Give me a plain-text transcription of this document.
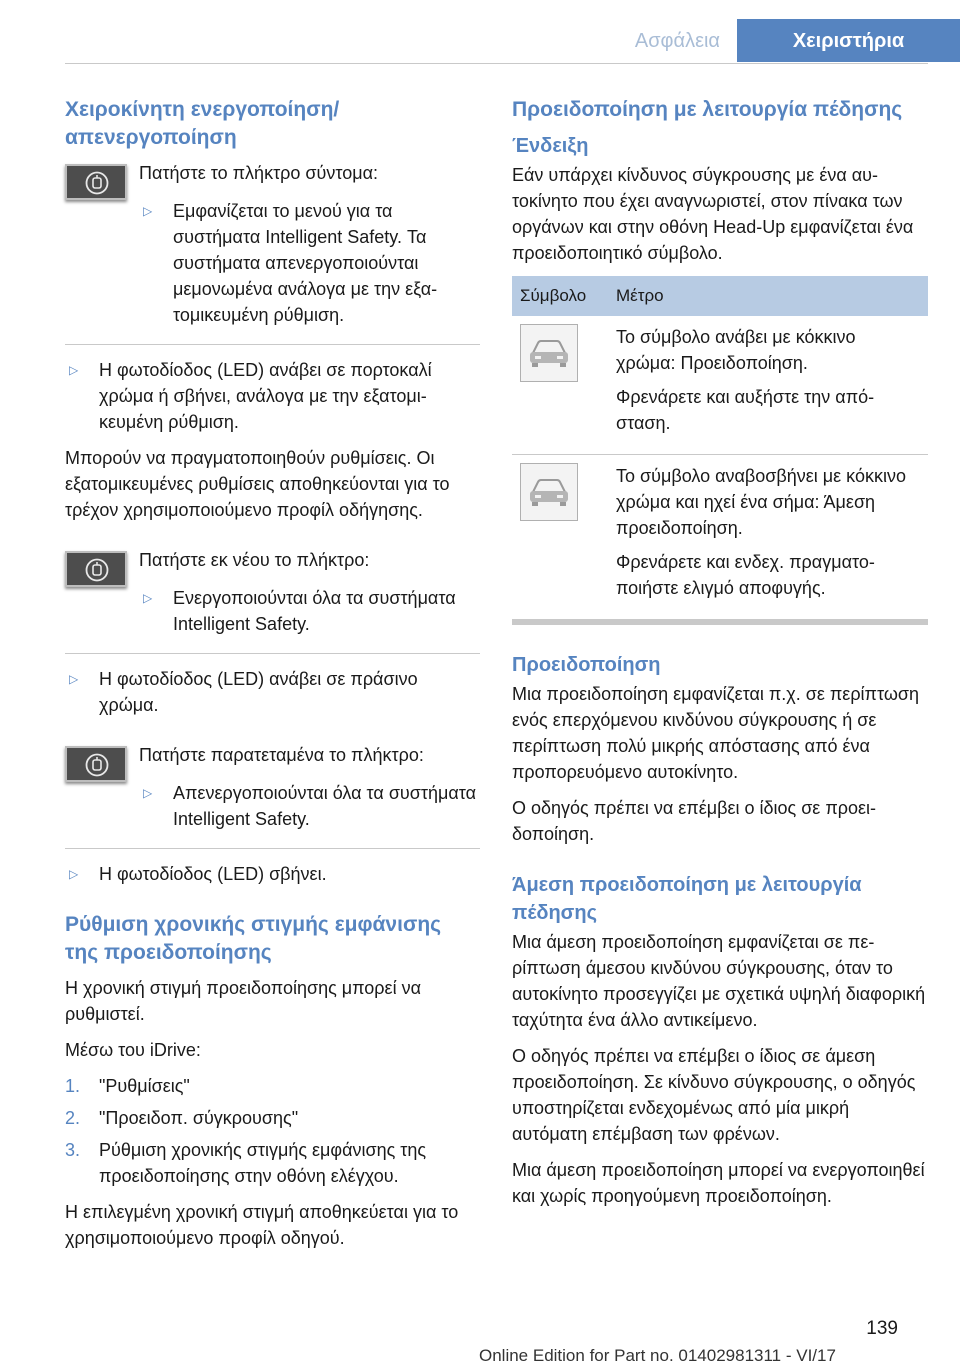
Ασφάλεια	Χειριστήρια
Χειροκίνητη ενεργοποίηση/απενεργοποίηση
Πατήστε το πλήκτρο σύντομα:
▷ Εμφανίζεται το μενού για τα συστήματα Intelligent Safety. Τα συστήματα απενεργοποιούνται μεμονωμένα ανάλογα με την εξατομικευμένη ρύθμιση.
▷ Η φωτοδίοδος (LED) ανάβει σε πορτοκαλί χρώμα ή σβήνει, ανάλογα με την εξατομικευμένη ρύθμιση.

Μπορούν να πραγματοποιηθούν ρυθμίσεις. Οι εξατομικευμένες ρυθμίσεις αποθηκεύονται για το τρέχον χρησιμοποιούμενο προφίλ οδήγησης.

Πατήστε εκ νέου το πλήκτρο:
▷ Ενεργοποιούνται όλα τα συστήματα Intelligent Safety.
▷ Η φωτοδίοδος (LED) ανάβει σε πράσινο χρώμα.
Πατήστε παρατεταμένα το πλήκτρο:
▷ Απενεργοποιούνται όλα τα συστήματα Intelligent Safety.
▷ Η φωτοδίοδος (LED) σβήνει.
Ρύθμιση χρονικής στιγμής εμφάνισης της προειδοποίησης

Η χρονική στιγμή προειδοποίησης μπορεί να ρυθμιστεί.

Μέσω του iDrive:

1. "Ρυθμίσεις"
2. "Προειδοπ. σύγκρουσης"
3. Ρύθμιση χρονικής στιγμής εμφάνισης της προειδοποίησης στην οθόνη ελέγχου.

Η επιλεγμένη χρονική στιγμή αποθηκεύεται για το χρησιμοποιούμενο προφίλ οδηγού.

Προειδοποίηση με λειτουργία πέδησης
Ένδειξη

Εάν υπάρχει κίνδυνος σύγκρουσης με ένα αυτοκίνητο που έχει αναγνωριστεί, στον πίνακα των οργάνων και στην οθόνη Head-Up εμφανίζεται ένα προειδοποιητικό σύμβολο.

Σύμβολο	Μέτρο

Το σύμβολο ανάβει με κόκκινο χρώμα: Προειδοποίηση.

Φρενάρετε και αυξήστε την απόσταση.

Το σύμβολο αναβοσβήνει με κόκκινο χρώμα και ηχεί ένα σήμα: Άμεση προειδοποίηση.

Φρενάρετε και ενδεχ. πραγματοποιήστε ελιγμό αποφυγής.

Προειδοποίηση

Μια προειδοποίηση εμφανίζεται π.χ. σε περίπτωση ενός επερχόμενου κινδύνου σύγκρουσης ή σε περίπτωση πολύ μικρής απόστασης από ένα προπορευόμενο αυτοκίνητο.

Ο οδηγός πρέπει να επέμβει ο ίδιος σε προειδοποίηση.

Άμεση προειδοποίηση με λειτουργία πέδησης

Μια άμεση προειδοποίηση εμφανίζεται σε περίπτωση άμεσου κινδύνου σύγκρουσης, όταν το αυτοκίνητο προσεγγίζει με σχετικά υψηλή διαφορική ταχύτητα ένα άλλο αντικείμενο.

Ο οδηγός πρέπει να επέμβει ο ίδιος σε άμεση προειδοποίηση. Σε κίνδυνο σύγκρουσης, ο οδηγός υποστηρίζεται ενδεχομένως από μία μικρή αυτόματη επέμβαση των φρένων.

Μια άμεση προειδοποίηση μπορεί να ενεργοποιηθεί και χωρίς προηγούμενη προειδοποίηση.

139
Online Edition for Part no. 01402981311 - VI/17
